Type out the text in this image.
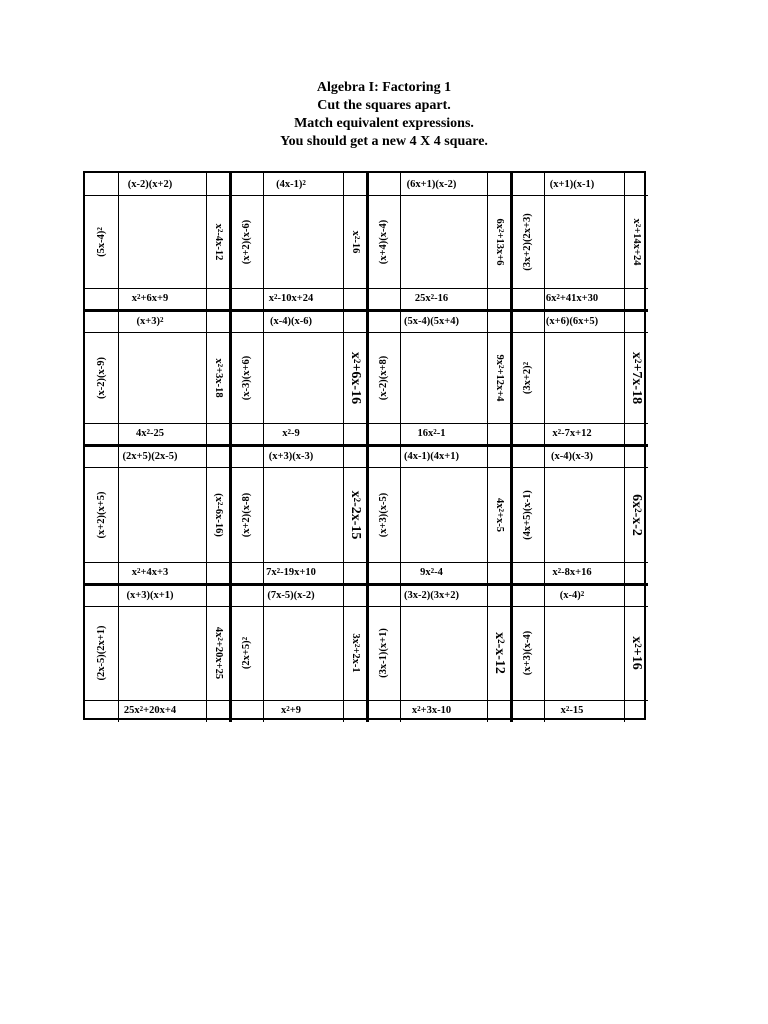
Algebra I: Factoring 1
Cut the squares apart.
Match equivalent expressions.
You should get a new 4 X 4 square.
(x-2)(x+2)
$x^2+6x+9$
$(5x-4)^2$	$x^2-4x-12$
$(4x-1)^2$
$x^2-10x+24$
(x+2)(x-6)	$x^2-16$
(6x+1)(x-2)
$25x^2-16$
(x+4)(x-4)	$6x^2+13x+6$
(x+1)(x-1)
$6x^2+41x+30$
(3x+2)(2x+3)	$x^2+14x+24$
$(x+3)^2$
$4x^2-25$
(x-2)(x-9)	$x^2+3x-18$
(x-4)(x-6)
$x^2-9$
(x-3)(x+6)
$x^2+6x-16$
(5x-4)(5x+4)
$16x^2-1$
(x-2)(x+8)	$9x^2+12x+4$
(x+6)(6x+5)
$x^2-7x+12$
$(3x+2)^2$
$x^2+7x-18$
(2x+5)(2x-5)
$x^2+4x+3$
(x+2)(x+5)	$(x^2-6x-16)$
(x+3)(x-3)
$7x^2-19x+10$
(x+2)(x-8)	$x^2-2x-15$
(4x-1)(4x+1)
$9x^2-4$
(x+3)(x-5)	$4x^2+x-5$
(x-4)(x-3)
$x^2-8x+16$
(4x+5)(x-1)	$6x^2-x-2$
(x+3)(x+1)
$25x^2+20x+4$
(2x-5)(2x+1)	$4x^2+20x+25$
(7x-5)(x-2)
$x^2+9$
$(2x+5)^2$	$3x^2+2x-1$
(3x-2)(3x+2)
$x^2+3x-10$
(3x-1)(x+1)	$x^2-x-12$
$(x-4)^2$
$x^2-15$
(x+3)(x-4)	$x^2+16$
